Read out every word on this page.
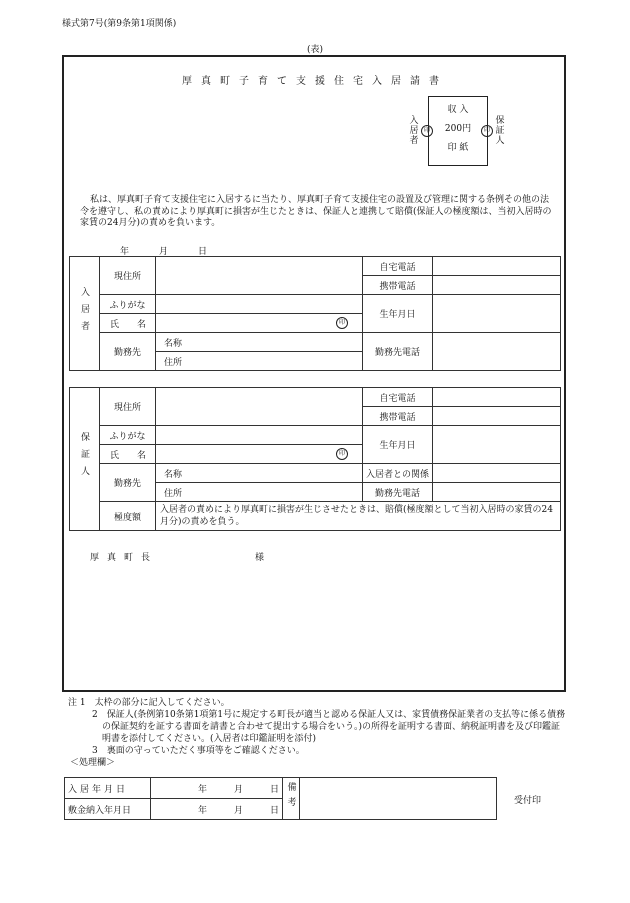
様式第7号(第9条第1項関係)
(表)
厚真町子育て支援住宅入居請書
入居者
印
収 入
200円
印 紙
印
保証人
私は、厚真町子育て支援住宅に入居するに当たり、厚真町子育て支援住宅の設置及び管理に関する条例その他の法令を遵守し、私の責めにより厚真町に損害が生じたときは、保証人と連携して賠償(保証人の極度額は、当初入居時の家賃の24月分)の責めを負います。
年　　月　　日
入居者	現住所		自宅電話	
			携帯電話	
	ふりがな		生年月日	
	氏　　名	印		
	勤務先	名称	勤務先電話	
		住所		
保証人	現住所		自宅電話	
			携帯電話	
	ふりがな		生年月日	
	氏　　名	印		
	勤務先	名称	入居者との関係	
		住所	勤務先電話	
	極度額	入居者の責めにより厚真町に損害が生じさせたときは、賠償(極度額として当初入居時の家賃の24月分)の責めを負う。		
厚真町長	様
注 1　太枠の部分に記入してください。
2　保証人(条例第10条第1項第1号に規定する町長が適当と認める保証人又は、家賃債務保証業者の支払等に係る債務の保証契約を証する書面を請書と合わせて提出する場合をいう。)の所得を証明する書面、納税証明書を及び印鑑証明書を添付してください。(入居者は印鑑証明を添付)
3　裏面の守っていただく事項等をご確認ください。
＜処理欄＞
入居年月日	年　　　月　　　日	備考	
敷金納入年月日	年　　　月　　　日		
受付印
